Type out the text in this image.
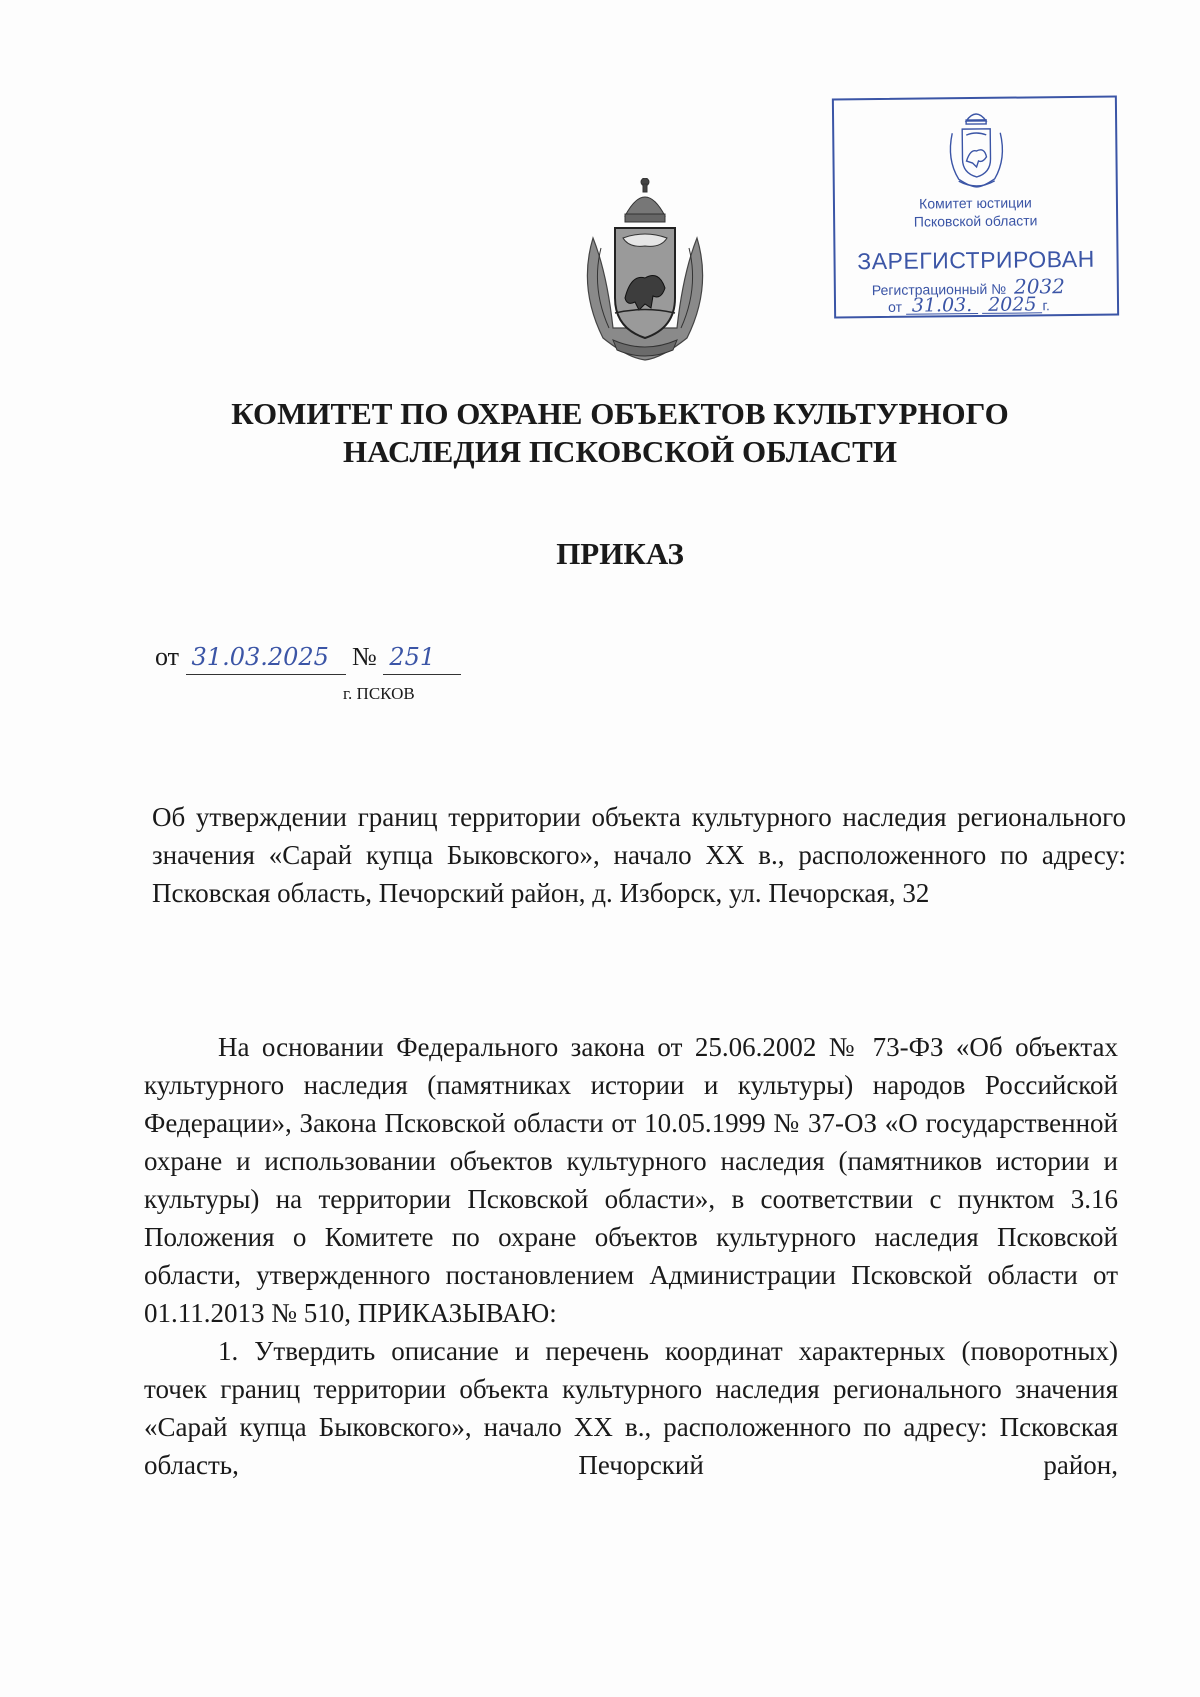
Комитет юстиции
Псковской области
ЗАРЕГИСТРИРОВАН
Регистрационный № 2032
от 31.03. 2025 г.
КОМИТЕТ ПО ОХРАНЕ ОБЪЕКТОВ КУЛЬТУРНОГО
НАСЛЕДИЯ ПСКОВСКОЙ ОБЛАСТИ
ПРИКАЗ
от 31.03.2025 № 251
г. ПСКОВ
Об утверждении границ территории объекта культурного наследия регионального значения «Сарай купца Быковского», начало XX в., расположенного по адресу: Псковская область, Печорский район, д. Изборск, ул. Печорская, 32

На основании Федерального закона от 25.06.2002 № 73-ФЗ «Об объектах культурного наследия (памятниках истории и культуры) народов Российской Федерации», Закона Псковской области от 10.05.1999 № 37-ОЗ «О государственной охране и использовании объектов культурного наследия (памятников истории и культуры) на территории Псковской области», в соответствии с пунктом 3.16 Положения о Комитете по охране объектов культурного наследия Псковской области, утвержденного постановлением Администрации Псковской области от 01.11.2013 № 510, ПРИКАЗЫВАЮ:

1. Утвердить описание и перечень координат характерных (поворотных) точек границ территории объекта культурного наследия регионального значения «Сарай купца Быковского», начало XX в., расположенного по адресу: Псковская область, Печорский район,
